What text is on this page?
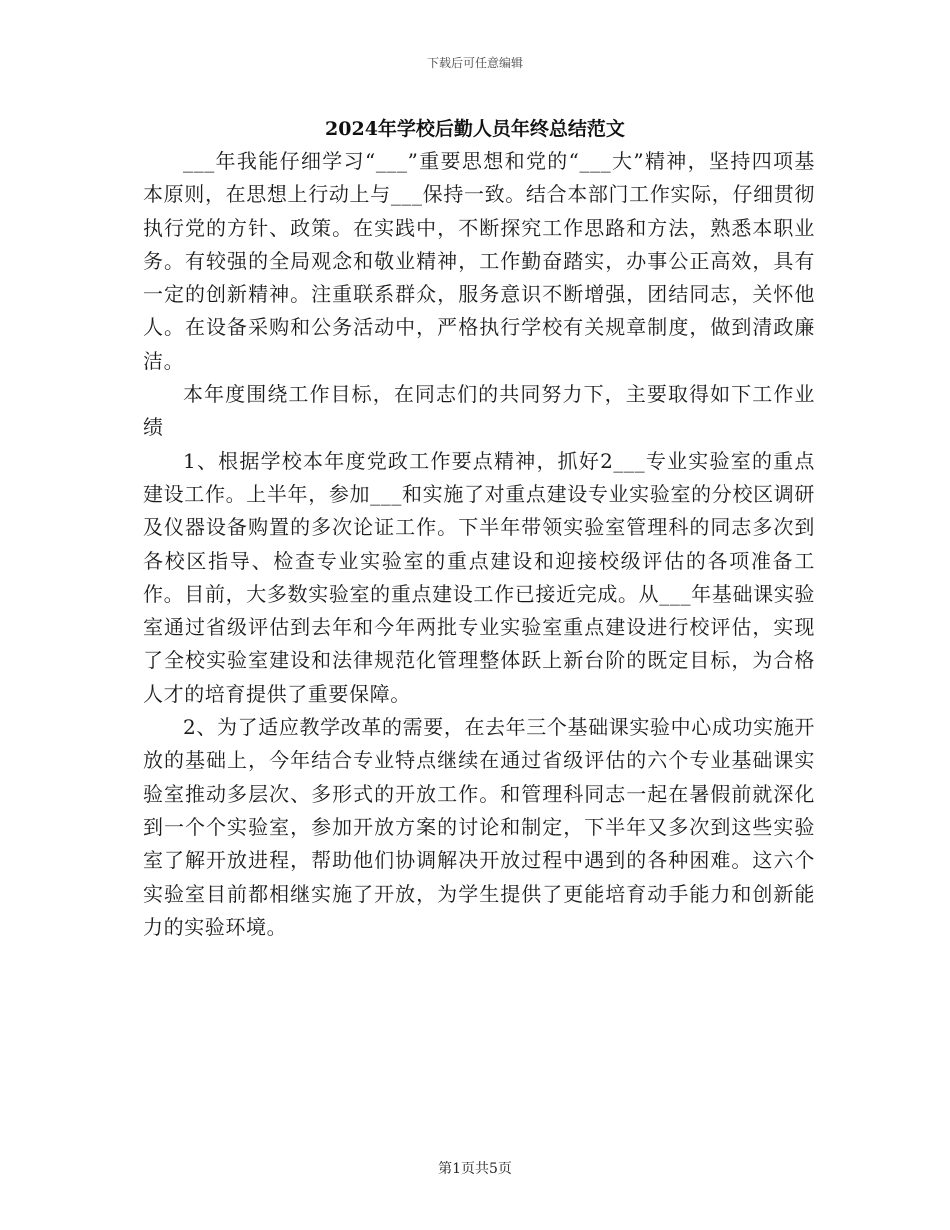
下载后可任意编辑
2024年学校后勤人员年终总结范文

___年我能仔细学习“___”重要思想和党的“___大”精神，坚持四项基本原则，在思想上行动上与___保持一致。结合本部门工作实际，仔细贯彻执行党的方针、政策。在实践中，不断探究工作思路和方法，熟悉本职业务。有较强的全局观念和敬业精神，工作勤奋踏实，办事公正高效，具有一定的创新精神。注重联系群众，服务意识不断增强，团结同志，关怀他人。在设备采购和公务活动中，严格执行学校有关规章制度，做到清政廉洁。

本年度围绕工作目标，在同志们的共同努力下，主要取得如下工作业绩

1、根据学校本年度党政工作要点精神，抓好2___专业实验室的重点建设工作。上半年，参加___和实施了对重点建设专业实验室的分校区调研及仪器设备购置的多次论证工作。下半年带领实验室管理科的同志多次到各校区指导、检查专业实验室的重点建设和迎接校级评估的各项准备工作。目前，大多数实验室的重点建设工作已接近完成。从___年基础课实验室通过省级评估到去年和今年两批专业实验室重点建设进行校评估，实现了全校实验室建设和法律规范化管理整体跃上新台阶的既定目标，为合格人才的培育提供了重要保障。

2、为了适应教学改革的需要，在去年三个基础课实验中心成功实施开放的基础上，今年结合专业特点继续在通过省级评估的六个专业基础课实验室推动多层次、多形式的开放工作。和管理科同志一起在暑假前就深化到一个个实验室，参加开放方案的讨论和制定，下半年又多次到这些实验室了解开放进程，帮助他们协调解决开放过程中遇到的各种困难。这六个实验室目前都相继实施了开放，为学生提供了更能培育动手能力和创新能力的实验环境。

第1页共5页
